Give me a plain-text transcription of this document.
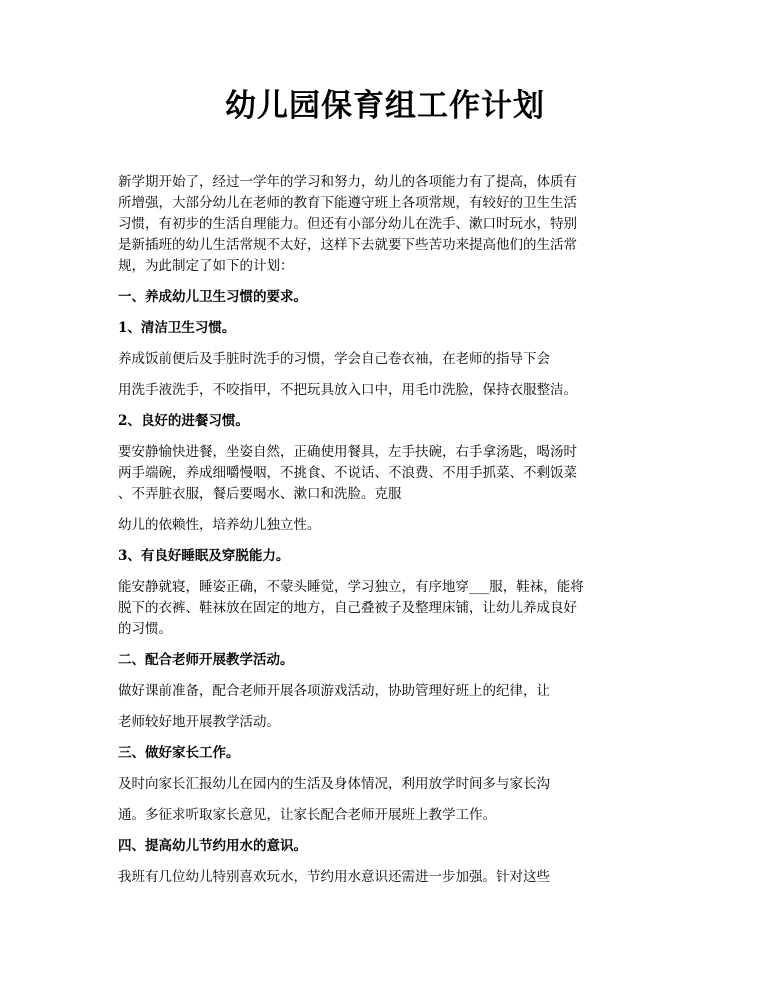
幼儿园保育组工作计划

新学期开始了，经过一学年的学习和努力，幼儿的各项能力有了提高，体质有
所增强，大部分幼儿在老师的教育下能遵守班上各项常规，有较好的卫生生活
习惯，有初步的生活自理能力。但还有小部分幼儿在洗手、漱口时玩水，特别
是新插班的幼儿生活常规不太好，这样下去就要下些苦功来提高他们的生活常
规，为此制定了如下的计划：

一、养成幼儿卫生习惯的要求。

1、清洁卫生习惯。

养成饭前便后及手脏时洗手的习惯，学会自己卷衣袖，在老师的指导下会

用洗手液洗手，不咬指甲，不把玩具放入口中，用毛巾洗脸，保持衣服整洁。

2、良好的进餐习惯。

要安静愉快进餐，坐姿自然，正确使用餐具，左手扶碗，右手拿汤匙，喝汤时
两手端碗，养成细嚼慢咽，不挑食、不说话、不浪费、不用手抓菜、不剩饭菜
、不弄脏衣服，餐后要喝水、漱口和洗脸。克服

幼儿的依赖性，培养幼儿独立性。

3、有良好睡眠及穿脱能力。

能安静就寝，睡姿正确，不蒙头睡觉，学习独立，有序地穿___服，鞋袜，能将
脱下的衣裤、鞋袜放在固定的地方，自己叠被子及整理床铺，让幼儿养成良好
的习惯。

二、配合老师开展教学活动。

做好课前准备，配合老师开展各项游戏活动，协助管理好班上的纪律，让

老师较好地开展教学活动。

三、做好家长工作。

及时向家长汇报幼儿在园内的生活及身体情况，利用放学时间多与家长沟

通。多征求听取家长意见，让家长配合老师开展班上教学工作。

四、提高幼儿节约用水的意识。

我班有几位幼儿特别喜欢玩水，节约用水意识还需进一步加强。针对这些
